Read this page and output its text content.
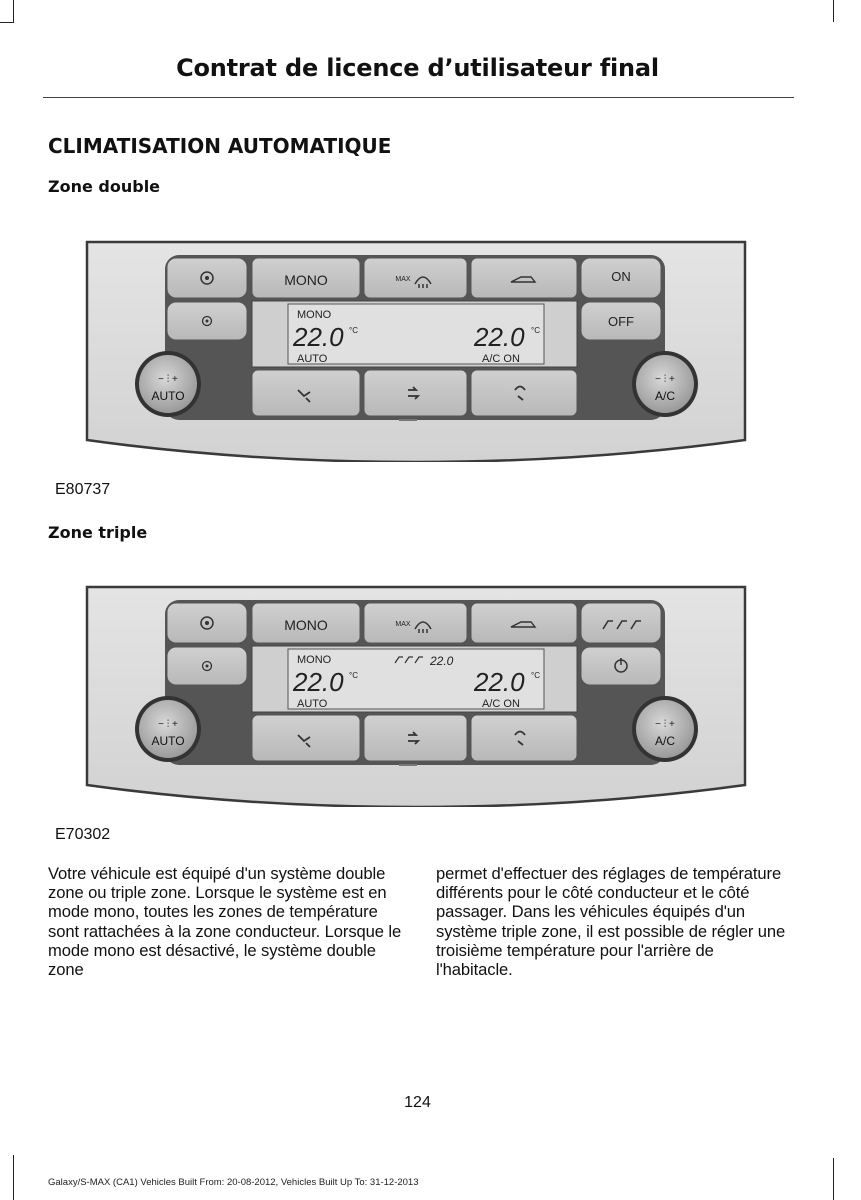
Contrat de licence d’utilisateur final
CLIMATISATION AUTOMATIQUE
Zone double
MONO	MAX	ON
OFF
MONO
22.0 °C
AUTO
22.0 °C
A/C ON
− ⫶ +
AUTO
− ⫶ +
A/C
E80737
Zone triple
MONO	MAX
MONO	22.0
22.0 °C
AUTO
22.0 °C
A/C ON
− ⫶ +
AUTO
− ⫶ +
A/C
E70302

Votre véhicule est équipé d'un système double zone ou triple zone. Lorsque le système est en mode mono, toutes les zones de température sont rattachées à la zone conducteur. Lorsque le mode mono est désactivé, le système double zone

permet d'effectuer des réglages de température différents pour le côté conducteur et le côté passager. Dans les véhicules équipés d'un système triple zone, il est possible de régler une troisième température pour l'arrière de l'habitacle.

124
Galaxy/S-MAX (CA1) Vehicles Built From: 20-08-2012, Vehicles Built Up To: 31-12-2013
